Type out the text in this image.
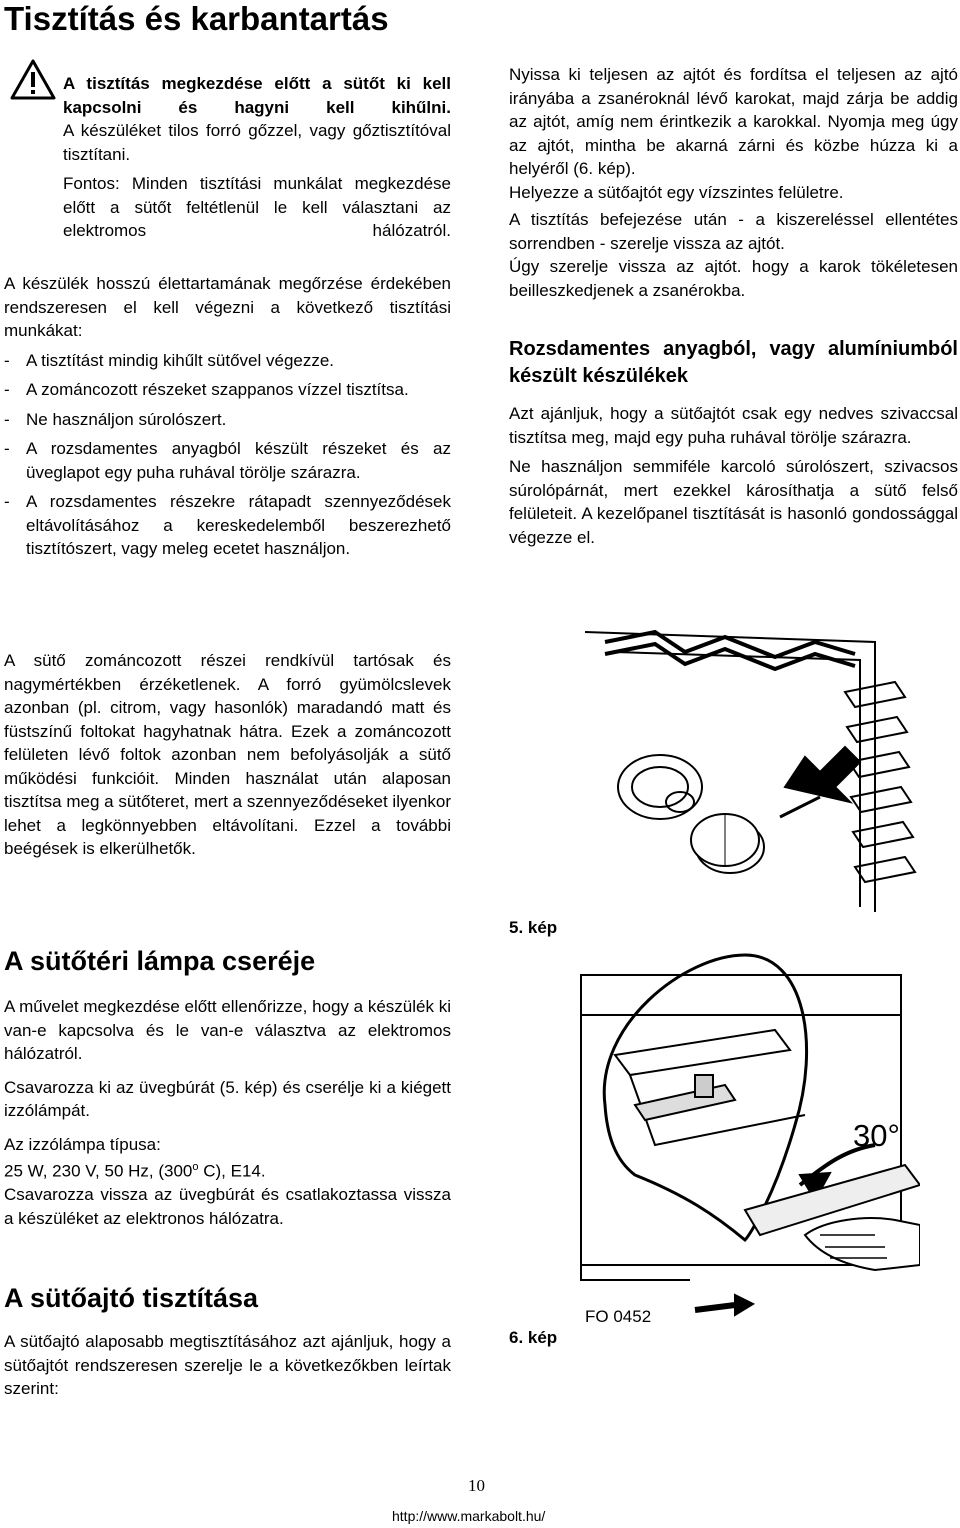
Tisztítás és karbantartás

A tisztítás megkezdése előtt a sütőt ki kell kapcsolni és hagyni kell kihűlni.

A készüléket tilos forró gőzzel, vagy gőztisztítóval tisztítani.

Fontos: Minden tisztítási munkálat megkezdése előtt a sütőt feltétlenül le kell választani az elektromos hálózatról.

A készülék hosszú élettartamának megőrzése érdekében rendszeresen el kell végezni a következő tisztítási munkákat:

- A tisztítást mindig kihűlt sütővel végezze.
- A zománcozott részeket szappanos vízzel tisztítsa.
- Ne használjon súrolószert.
- A rozsdamentes anyagból készült részeket és az üveglapot egy puha ruhával törölje szárazra.
- A rozsdamentes részekre rátapadt szennyeződések eltávolításához a kereskedelemből beszerezhető tisztítószert, vagy meleg ecetet használjon.
A sütő zománcozott részei rendkívül tartósak és nagymértékben érzéketlenek. A forró gyümölcslevek azonban (pl. citrom, vagy hasonlók) maradandó matt és füstszínű foltokat hagyhatnak hátra. Ezek a zománcozott felületen lévő foltok azonban nem befolyásolják a sütő működési funkcióit. Minden használat után alaposan tisztítsa meg a sütőteret, mert a szennyeződéseket ilyenkor lehet a legkönnyebben eltávolítani. Ezzel a további beégések is elkerülhetők.
A sütőtéri lámpa cseréje

A művelet megkezdése előtt ellenőrizze, hogy a készülék ki van-e kapcsolva és le van-e választva az elektromos hálózatról.

Csavarozza ki az üvegbúrát (5. kép) és cserélje ki a kiégett izzólámpát.

Az izzólámpa típusa:

25 W, 230 V, 50 Hz, (300$^o$ C), E14.

Csavarozza vissza az üvegbúrát és csatlakoztassa vissza a készüléket az elektronos hálózatra.

A sütőajtó tisztítása
A sütőajtó alaposabb megtisztításához azt ajánljuk, hogy a sütőajtót rendszeresen szerelje le a következőkben leírtak szerint:

Nyissa ki teljesen az ajtót és fordítsa el teljesen az ajtó irányába a zsanéroknál lévő karokat, majd zárja be addig az ajtót, amíg nem érintkezik a karokkal. Nyomja meg úgy az ajtót, mintha be akarná zárni és közbe húzza ki a helyéről (6. kép).

Helyezze a sütőajtót egy vízszintes felületre.

A tisztítás befejezése után - a kiszereléssel ellentétes sorrendben - szerelje vissza az ajtót.

Úgy szerelje vissza az ajtót. hogy a karok tökéletesen beilleszkedjenek a zsanérokba.

Rozsdamentes anyagból, vagy alumíniumból készült készülékek

Azt ajánljuk, hogy a sütőajtót csak egy nedves szivaccsal tisztítsa meg, majd egy puha ruhával törölje szárazra.

Ne használjon semmiféle karcoló súrolószert, szivacsos súrolópárnát, mert ezekkel károsíthatja a sütő felső felületeit. A kezelőpanel tisztítását is hasonló gondossággal végezze el.

5. kép
30°
FO 0452
6. kép
10
http://www.markabolt.hu/
